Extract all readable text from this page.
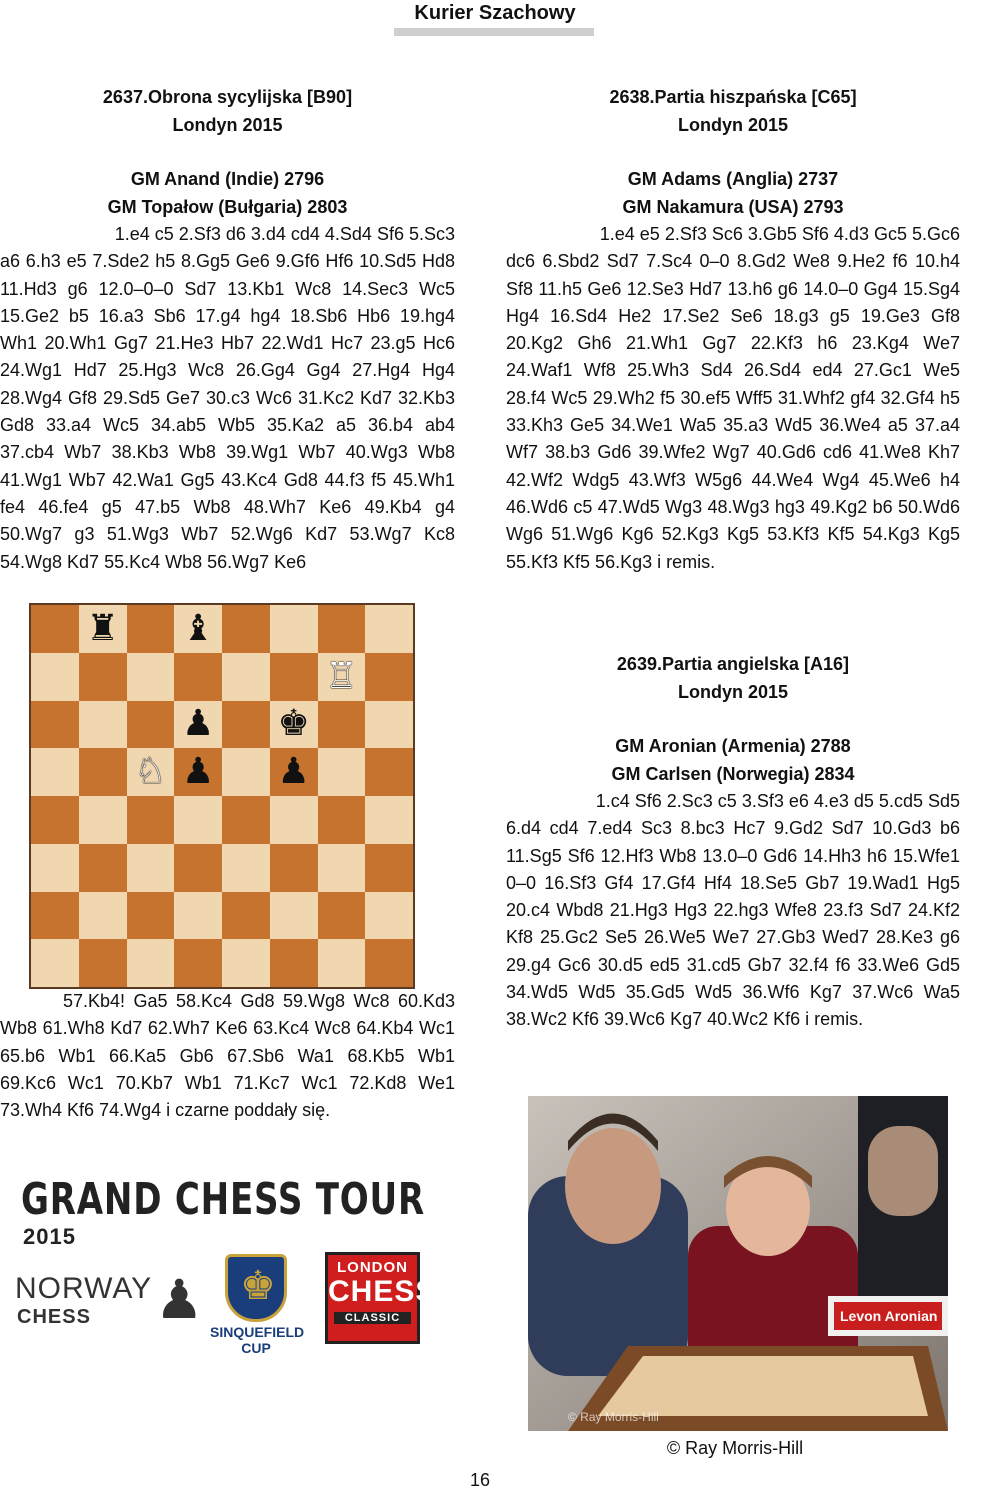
Kurier Szachowy
2637.Obrona sycylijska [B90]
Londyn 2015
GM Anand (Indie) 2796
GM Topałow (Bułgaria) 2803

1.e4 c5 2.Sf3 d6 3.d4 cd4 4.Sd4 Sf6 5.Sc3

a6 6.h3 e5 7.Sde2 h5 8.Gg5 Ge6 9.Gf6 Hf6 10.Sd5 Hd8 11.Hd3 g6 12.0–0–0 Sd7 13.Kb1 Wc8 14.Sec3 Wc5 15.Ge2 b5 16.a3 Sb6 17.g4 hg4 18.Sb6 Hb6 19.hg4 Wh1 20.Wh1 Gg7 21.He3 Hb7 22.Wd1 Hc7 23.g5 Hc6 24.Wg1 Hd7 25.Hg3 Wc8 26.Gg4 Gg4 27.Hg4 Hg4 28.Wg4 Gf8 29.Sd5 Ge7 30.c3 Wc6 31.Kc2 Kd7 32.Kb3 Gd8 33.a4 Wc5 34.ab5 Wb5 35.Ka2 a5 36.b4 ab4 37.cb4 Wb7 38.Kb3 Wb8 39.Wg1 Wb7 40.Wg3 Wb8 41.Wg1 Wb7 42.Wa1 Gg5 43.Kc4 Gd8 44.f3 f5 45.Wh1 fe4 46.fe4 g5 47.b5 Wb8 48.Wh7 Ke6 49.Kb4 g4 50.Wg7 g3 51.Wg3 Wb7 52.Wg6 Kd7 53.Wg7 Kc8 54.Wg8 Kd7 55.Kc4 Wb8 56.Wg7 Ke6

♜ ♝
♖
♟ ♚
♘ ♟ ♟

57.Kb4! Ga5 58.Kc4 Gd8 59.Wg8 Wc8 60.Kd3 Wb8 61.Wh8 Kd7 62.Wh7 Ke6 63.Kc4 Wc8 64.Kb4 Wc1 65.b6 Wb1 66.Ka5 Gb6 67.Sb6 Wa1 68.Kb5 Wb1 69.Kc6 Wc1 70.Kb7 Wb1 71.Kc7 Wc1 72.Kd8 We1 73.Wh4 Kf6 74.Wg4 i czarne poddały się.

GRAND CHESS TOUR
2015
NORWAY
CHESS ♟ ♚
SINQUEFIELD CUP
LONDON
CHESS
CLASSIC
2638.Partia hiszpańska [C65]
Londyn 2015
GM Adams (Anglia) 2737
GM Nakamura (USA) 2793

1.e4 e5 2.Sf3 Sc6 3.Gb5 Sf6 4.d3 Gc5 5.Gc6

dc6 6.Sbd2 Sd7 7.Sc4 0–0 8.Gd2 We8 9.He2 f6 10.h4 Sf8 11.h5 Ge6 12.Se3 Hd7 13.h6 g6 14.0–0 Gg4 15.Sg4 Hg4 16.Sd4 He2 17.Se2 Se6 18.g3 g5 19.Ge3 Gf8 20.Kg2 Gh6 21.Wh1 Gg7 22.Kf3 h6 23.Kg4 We7 24.Waf1 Wf8 25.Wh3 Sd4 26.Sd4 ed4 27.Gc1 We5 28.f4 Wc5 29.Wh2 f5 30.ef5 Wff5 31.Whf2 gf4 32.Gf4 h5 33.Kh3 Ge5 34.We1 Wa5 35.a3 Wd5 36.We4 a5 37.a4 Wf7 38.b3 Gd6 39.Wfe2 Wg7 40.Gd6 cd6 41.We8 Kh7 42.Wf2 Wdg5 43.Wf3 W5g6 44.We4 Wg4 45.We6 h4 46.Wd6 c5 47.Wd5 Wg3 48.Wg3 hg3 49.Kg2 b6 50.Wd6 Wg6 51.Wg6 Kg6 52.Kg3 Kg5 53.Kf3 Kf5 54.Kg3 Kg5 55.Kf3 Kf5 56.Kg3 i remis.

2639.Partia angielska [A16]
Londyn 2015
GM Aronian (Armenia) 2788
GM Carlsen (Norwegia) 2834

1.c4 Sf6 2.Sc3 c5 3.Sf3 e6 4.e3 d5 5.cd5 Sd5

6.d4 cd4 7.ed4 Sc3 8.bc3 Hc7 9.Gd2 Sd7 10.Gd3 b6 11.Sg5 Sf6 12.Hf3 Wb8 13.0–0 Gd6 14.Hh3 h6 15.Wfe1 0–0 16.Sf3 Gf4 17.Gf4 Hf4 18.Se5 Gb7 19.Wad1 Hg5 20.c4 Wbd8 21.Hg3 Hg3 22.hg3 Wfe8 23.f3 Sd7 24.Kf2 Kf8 25.Gc2 Se5 26.We5 We7 27.Gb3 Wed7 28.Ke3 g6 29.g4 Gc6 30.d5 ed5 31.cd5 Gb7 32.f4 f6 33.We6 Gd5 34.Wd5 Wd5 35.Gd5 Wd5 36.Wf6 Kg7 37.Wc6 Wa5 38.Wc2 Kf6 39.Wc6 Kg7 40.Wc2 Kf6 i remis.

Levon Aronian
© Ray Morris-Hill
© Ray Morris-Hill
16
